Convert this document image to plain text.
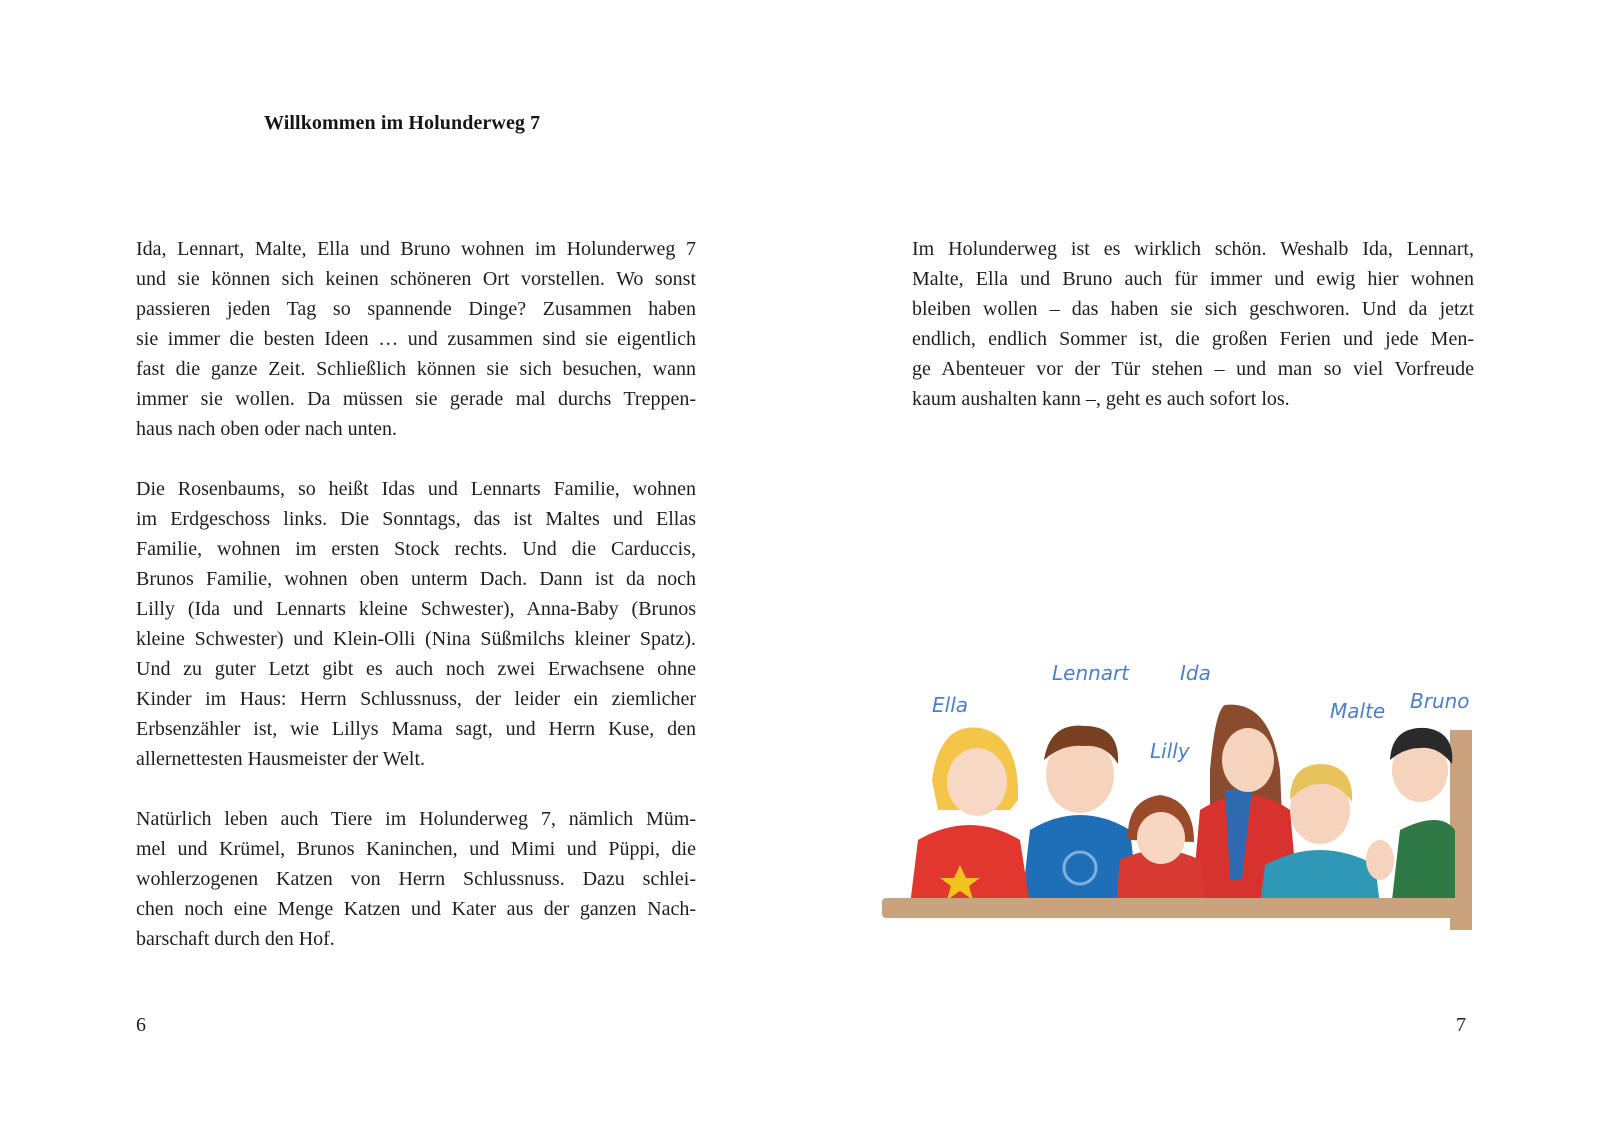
Willkommen im Holunderweg 7

Ida, Lennart, Malte, Ella und Bruno wohnen im Holunderweg 7
und sie können sich keinen schöneren Ort vorstellen. Wo sonst
passieren jeden Tag so spannende Dinge? Zusammen haben
sie immer die besten Ideen … und zusammen sind sie eigentlich
fast die ganze Zeit. Schließlich können sie sich besuchen, wann
immer sie wollen. Da müssen sie gerade mal durchs Treppen-
haus nach oben oder nach unten.

Die Rosenbaums, so heißt Idas und Lennarts Familie, wohnen
im Erdgeschoss links. Die Sonntags, das ist Maltes und Ellas
Familie, wohnen im ersten Stock rechts. Und die Carduccis,
Brunos Familie, wohnen oben unterm Dach. Dann ist da noch
Lilly (Ida und Lennarts kleine Schwester), Anna-Baby (Brunos
kleine Schwester) und Klein-Olli (Nina Süßmilchs kleiner Spatz).
Und zu guter Letzt gibt es auch noch zwei Erwachsene ohne
Kinder im Haus: Herrn Schlussnuss, der leider ein ziemlicher
Erbsenzähler ist, wie Lillys Mama sagt, und Herrn Kuse, den
allernettesten Hausmeister der Welt.

Natürlich leben auch Tiere im Holunderweg 7, nämlich Müm-
mel und Krümel, Brunos Kaninchen, und Mimi und Püppi, die
wohlerzogenen Katzen von Herrn Schlussnuss. Dazu schlei-
chen noch eine Menge Katzen und Kater aus der ganzen Nach-
barschaft durch den Hof.

6

Im Holunderweg ist es wirklich schön. Weshalb Ida, Lennart,
Malte, Ella und Bruno auch für immer und ewig hier wohnen
bleiben wollen – das haben sie sich geschworen. Und da jetzt
endlich, endlich Sommer ist, die großen Ferien und jede Men-
ge Abenteuer vor der Tür stehen – und man so viel Vorfreude
kaum aushalten kann –, geht es auch sofort los.

Ella
Lennart	Ida
Lilly
Malte Bruno
7
